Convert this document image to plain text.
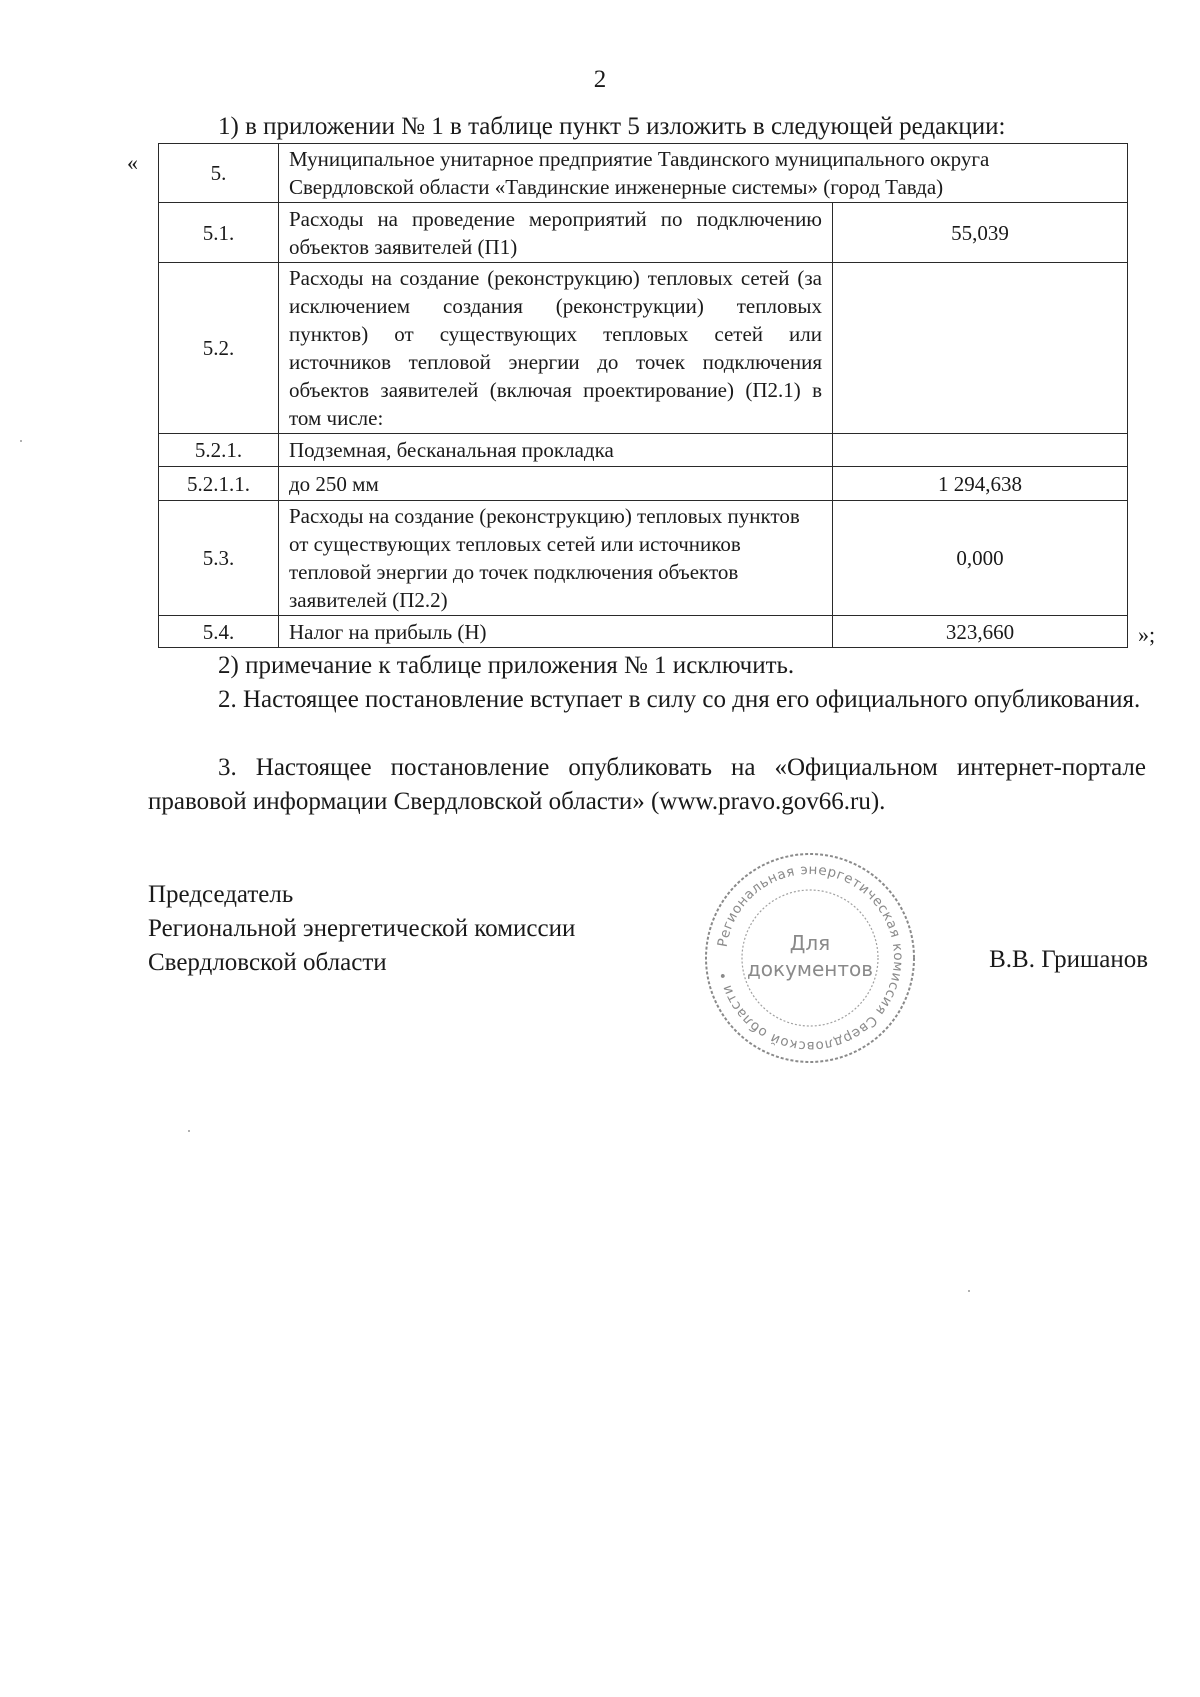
2
1) в приложении № 1 в таблице пункт 5 изложить в следующей редакции:
«	5.	Муниципальное унитарное предприятие Тавдинского муниципального округа Свердловской области «Тавдинские инженерные системы» (город Тавда)	
5.1.	Расходы на проведение мероприятий по подключению объектов заявителей (П1)	55,039
5.2.	Расходы на создание (реконструкцию) тепловых сетей (за исключением создания (реконструкции) тепловых пунктов) от существующих тепловых сетей или источников тепловой энергии до точек подключения объектов заявителей (включая проектирование) (П2.1) в том числе:	
5.2.1.	Подземная, бесканальная прокладка	
5.2.1.1.	до 250 мм	1 294,638
5.3.	Расходы на создание (реконструкцию) тепловых пунктов от существующих тепловых сетей или источников тепловой энергии до точек подключения объектов заявителей (П2.2)	0,000
5.4.	Налог на прибыль (Н)	323,660	»;
2) примечание к таблице приложения № 1 исключить.
2. Настоящее постановление вступает в силу со дня его официального опубликования.
3. Настоящее постановление опубликовать на «Официальном интернет-портале правовой информации Свердловской области» (www.pravo.gov66.ru).
Председатель
Региональной энергетической комиссии
Свердловской области	В.В. Гришанов
Региональная энергетическая комиссия Свердловской области •
Для
документов
